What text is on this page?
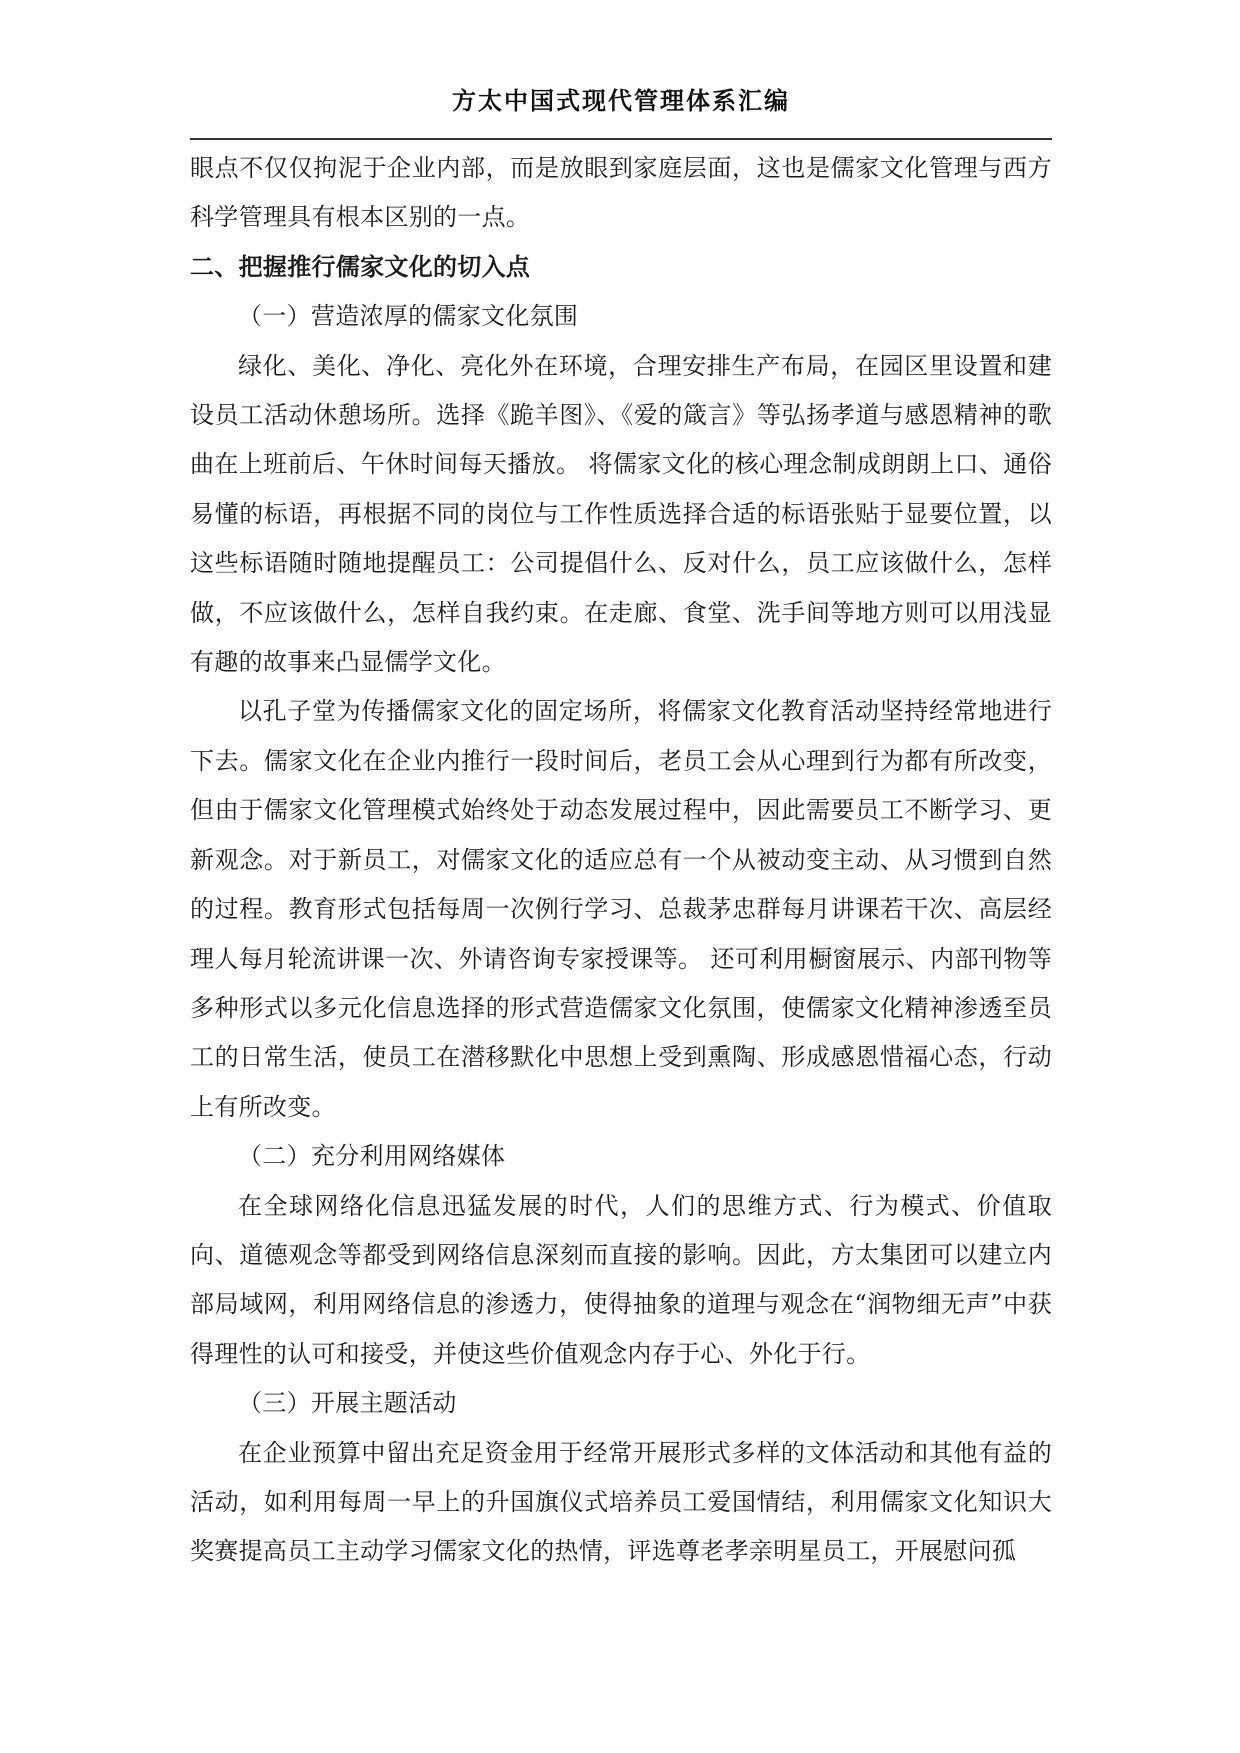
方太中国式现代管理体系汇编

眼点不仅仅拘泥于企业内部，而是放眼到家庭层面，这也是儒家文化管理与西方科学管理具有根本区别的一点。

二、把握推行儒家文化的切入点

（一）营造浓厚的儒家文化氛围

绿化、美化、净化、亮化外在环境，合理安排生产布局，在园区里设置和建设员工活动休憩场所。选择《跪羊图》、《爱的箴言》等弘扬孝道与感恩精神的歌曲在上班前后、午休时间每天播放。 将儒家文化的核心理念制成朗朗上口、通俗易懂的标语，再根据不同的岗位与工作性质选择合适的标语张贴于显要位置，以这些标语随时随地提醒员工：公司提倡什么、反对什么，员工应该做什么，怎样做，不应该做什么，怎样自我约束。在走廊、食堂、洗手间等地方则可以用浅显有趣的故事来凸显儒学文化。

以孔子堂为传播儒家文化的固定场所，将儒家文化教育活动坚持经常地进行下去。儒家文化在企业内推行一段时间后，老员工会从心理到行为都有所改变，但由于儒家文化管理模式始终处于动态发展过程中，因此需要员工不断学习、更新观念。对于新员工，对儒家文化的适应总有一个从被动变主动、从习惯到自然的过程。教育形式包括每周一次例行学习、总裁茅忠群每月讲课若干次、高层经理人每月轮流讲课一次、外请咨询专家授课等。 还可利用橱窗展示、内部刊物等多种形式以多元化信息选择的形式营造儒家文化氛围，使儒家文化精神渗透至员工的日常生活，使员工在潜移默化中思想上受到熏陶、形成感恩惜福心态，行动上有所改变。

（二）充分利用网络媒体

在全球网络化信息迅猛发展的时代，人们的思维方式、行为模式、价值取向、道德观念等都受到网络信息深刻而直接的影响。因此，方太集团可以建立内部局域网，利用网络信息的渗透力，使得抽象的道理与观念在“润物细无声”中获得理性的认可和接受，并使这些价值观念内存于心、外化于行。

（三）开展主题活动

在企业预算中留出充足资金用于经常开展形式多样的文体活动和其他有益的活动，如利用每周一早上的升国旗仪式培养员工爱国情结，利用儒家文化知识大奖赛提高员工主动学习儒家文化的热情，评选尊老孝亲明星员工，开展慰问孤
